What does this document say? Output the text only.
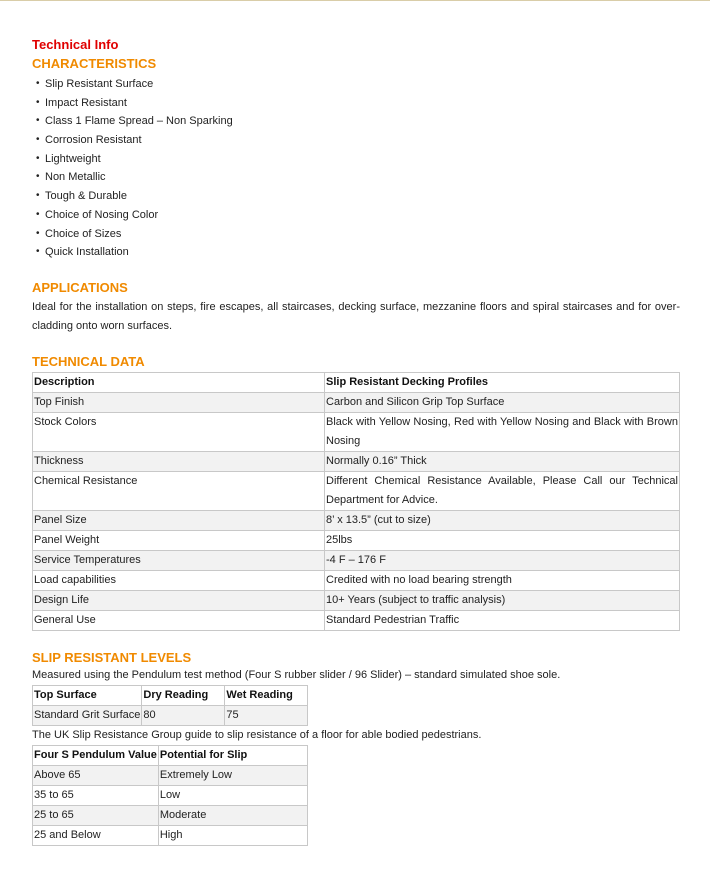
Technical Info
CHARACTERISTICS
• Slip Resistant Surface
• Impact Resistant
• Class 1 Flame Spread – Non Sparking
• Corrosion Resistant
• Lightweight
• Non Metallic
• Tough & Durable
• Choice of Nosing Color
• Choice of Sizes
• Quick Installation
APPLICATIONS
Ideal for the installation on steps, fire escapes, all staircases, decking surface, mezzanine floors and spiral staircases and for over-cladding onto worn surfaces.
TECHNICAL DATA
Description	Slip Resistant Decking Profiles
Top Finish	Carbon and Silicon Grip Top Surface
Stock Colors	Black with Yellow Nosing, Red with Yellow Nosing and Black with Brown Nosing
Thickness	Normally 0.16” Thick
Chemical Resistance	Different Chemical Resistance Available, Please Call our Technical Department for Advice.
Panel Size	8’ x 13.5” (cut to size)
Panel Weight	25lbs
Service Temperatures	-4 F – 176 F
Load capabilities	Credited with no load bearing strength
Design Life	10+ Years (subject to traffic analysis)
General Use	Standard Pedestrian Traffic
SLIP RESISTANT LEVELS
Measured using the Pendulum test method (Four S rubber slider / 96 Slider) – standard simulated shoe sole.
Top Surface	Dry Reading	Wet Reading
Standard Grit Surface	80	75
The UK Slip Resistance Group guide to slip resistance of a floor for able bodied pedestrians.
Four S Pendulum Value	Potential for Slip
Above 65	Extremely Low
35 to 65	Low
25 to 65	Moderate
25 and Below	High
